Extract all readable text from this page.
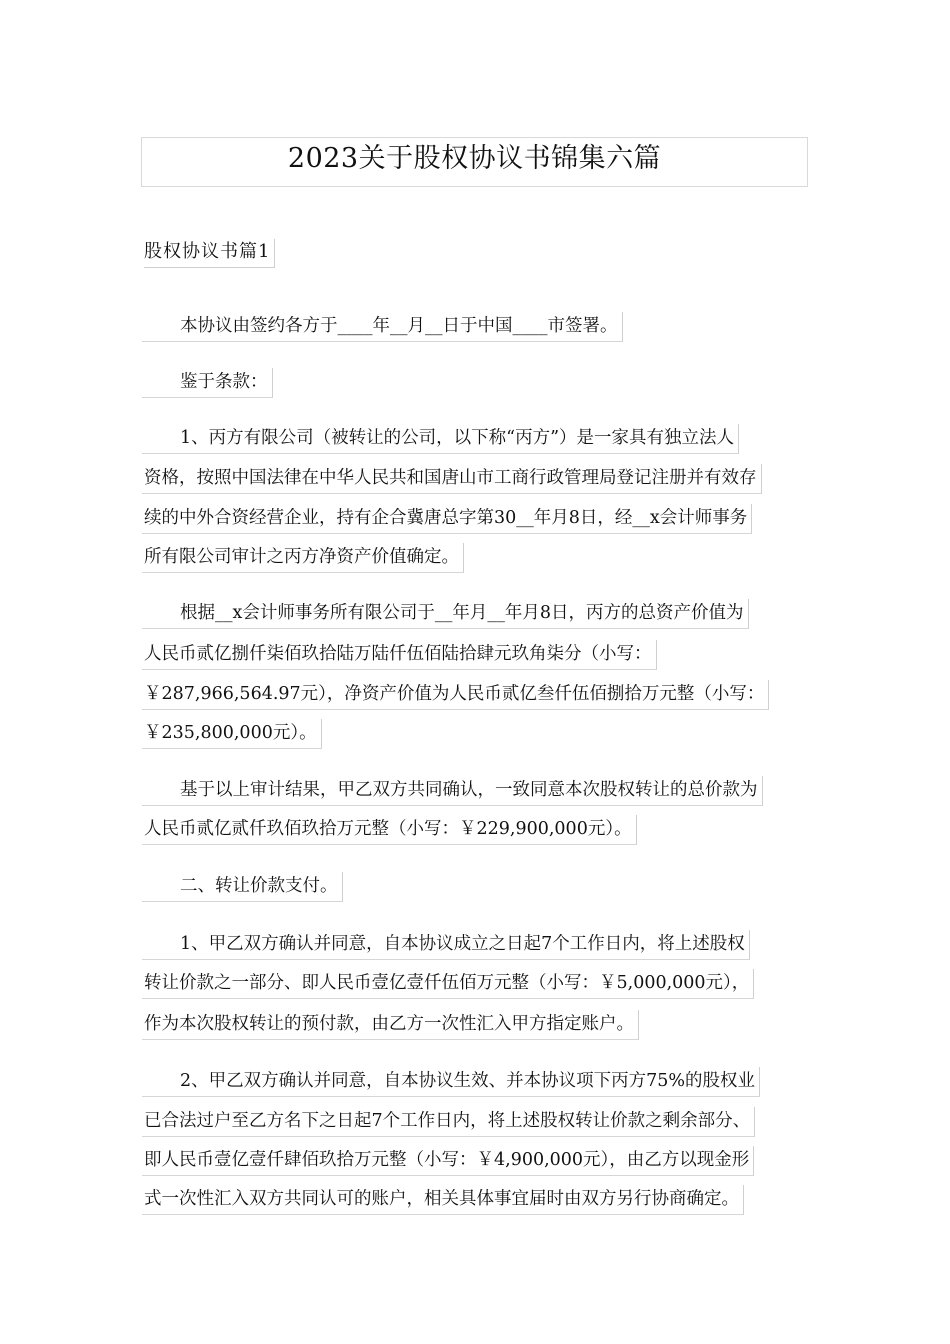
2023关于股权协议书锦集六篇
股权协议书篇1
本协议由签约各方于____年__月__日于中国____市签署。
鉴于条款：
1、丙方有限公司（被转让的公司，以下称“丙方”）是一家具有独立法人
资格，按照中国法律在中华人民共和国唐山市工商行政管理局登记注册并有效存
续的中外合资经营企业，持有企合冀唐总字第30__年月8日，经__x会计师事务
所有限公司审计之丙方净资产价值确定。
根据__x会计师事务所有限公司于__年月__年月8日，丙方的总资产价值为
人民币贰亿捌仟柒佰玖拾陆万陆仟伍佰陆拾肆元玖角柒分（小写：
￥287,966,564.97元），净资产价值为人民币贰亿叁仟伍佰捌拾万元整（小写：
￥235,800,000元）。
基于以上审计结果，甲乙双方共同确认，一致同意本次股权转让的总价款为
人民币贰亿贰仟玖佰玖拾万元整（小写：￥229,900,000元）。
二、转让价款支付。
1、甲乙双方确认并同意，自本协议成立之日起7个工作日内，将上述股权
转让价款之一部分、即人民币壹亿壹仟伍佰万元整（小写：￥5,000,000元），
作为本次股权转让的预付款，由乙方一次性汇入甲方指定账户。
2、甲乙双方确认并同意，自本协议生效、并本协议项下丙方75%的股权业
已合法过户至乙方名下之日起7个工作日内，将上述股权转让价款之剩余部分、
即人民币壹亿壹仟肆佰玖拾万元整（小写：￥4,900,000元），由乙方以现金形
式一次性汇入双方共同认可的账户，相关具体事宜届时由双方另行协商确定。
